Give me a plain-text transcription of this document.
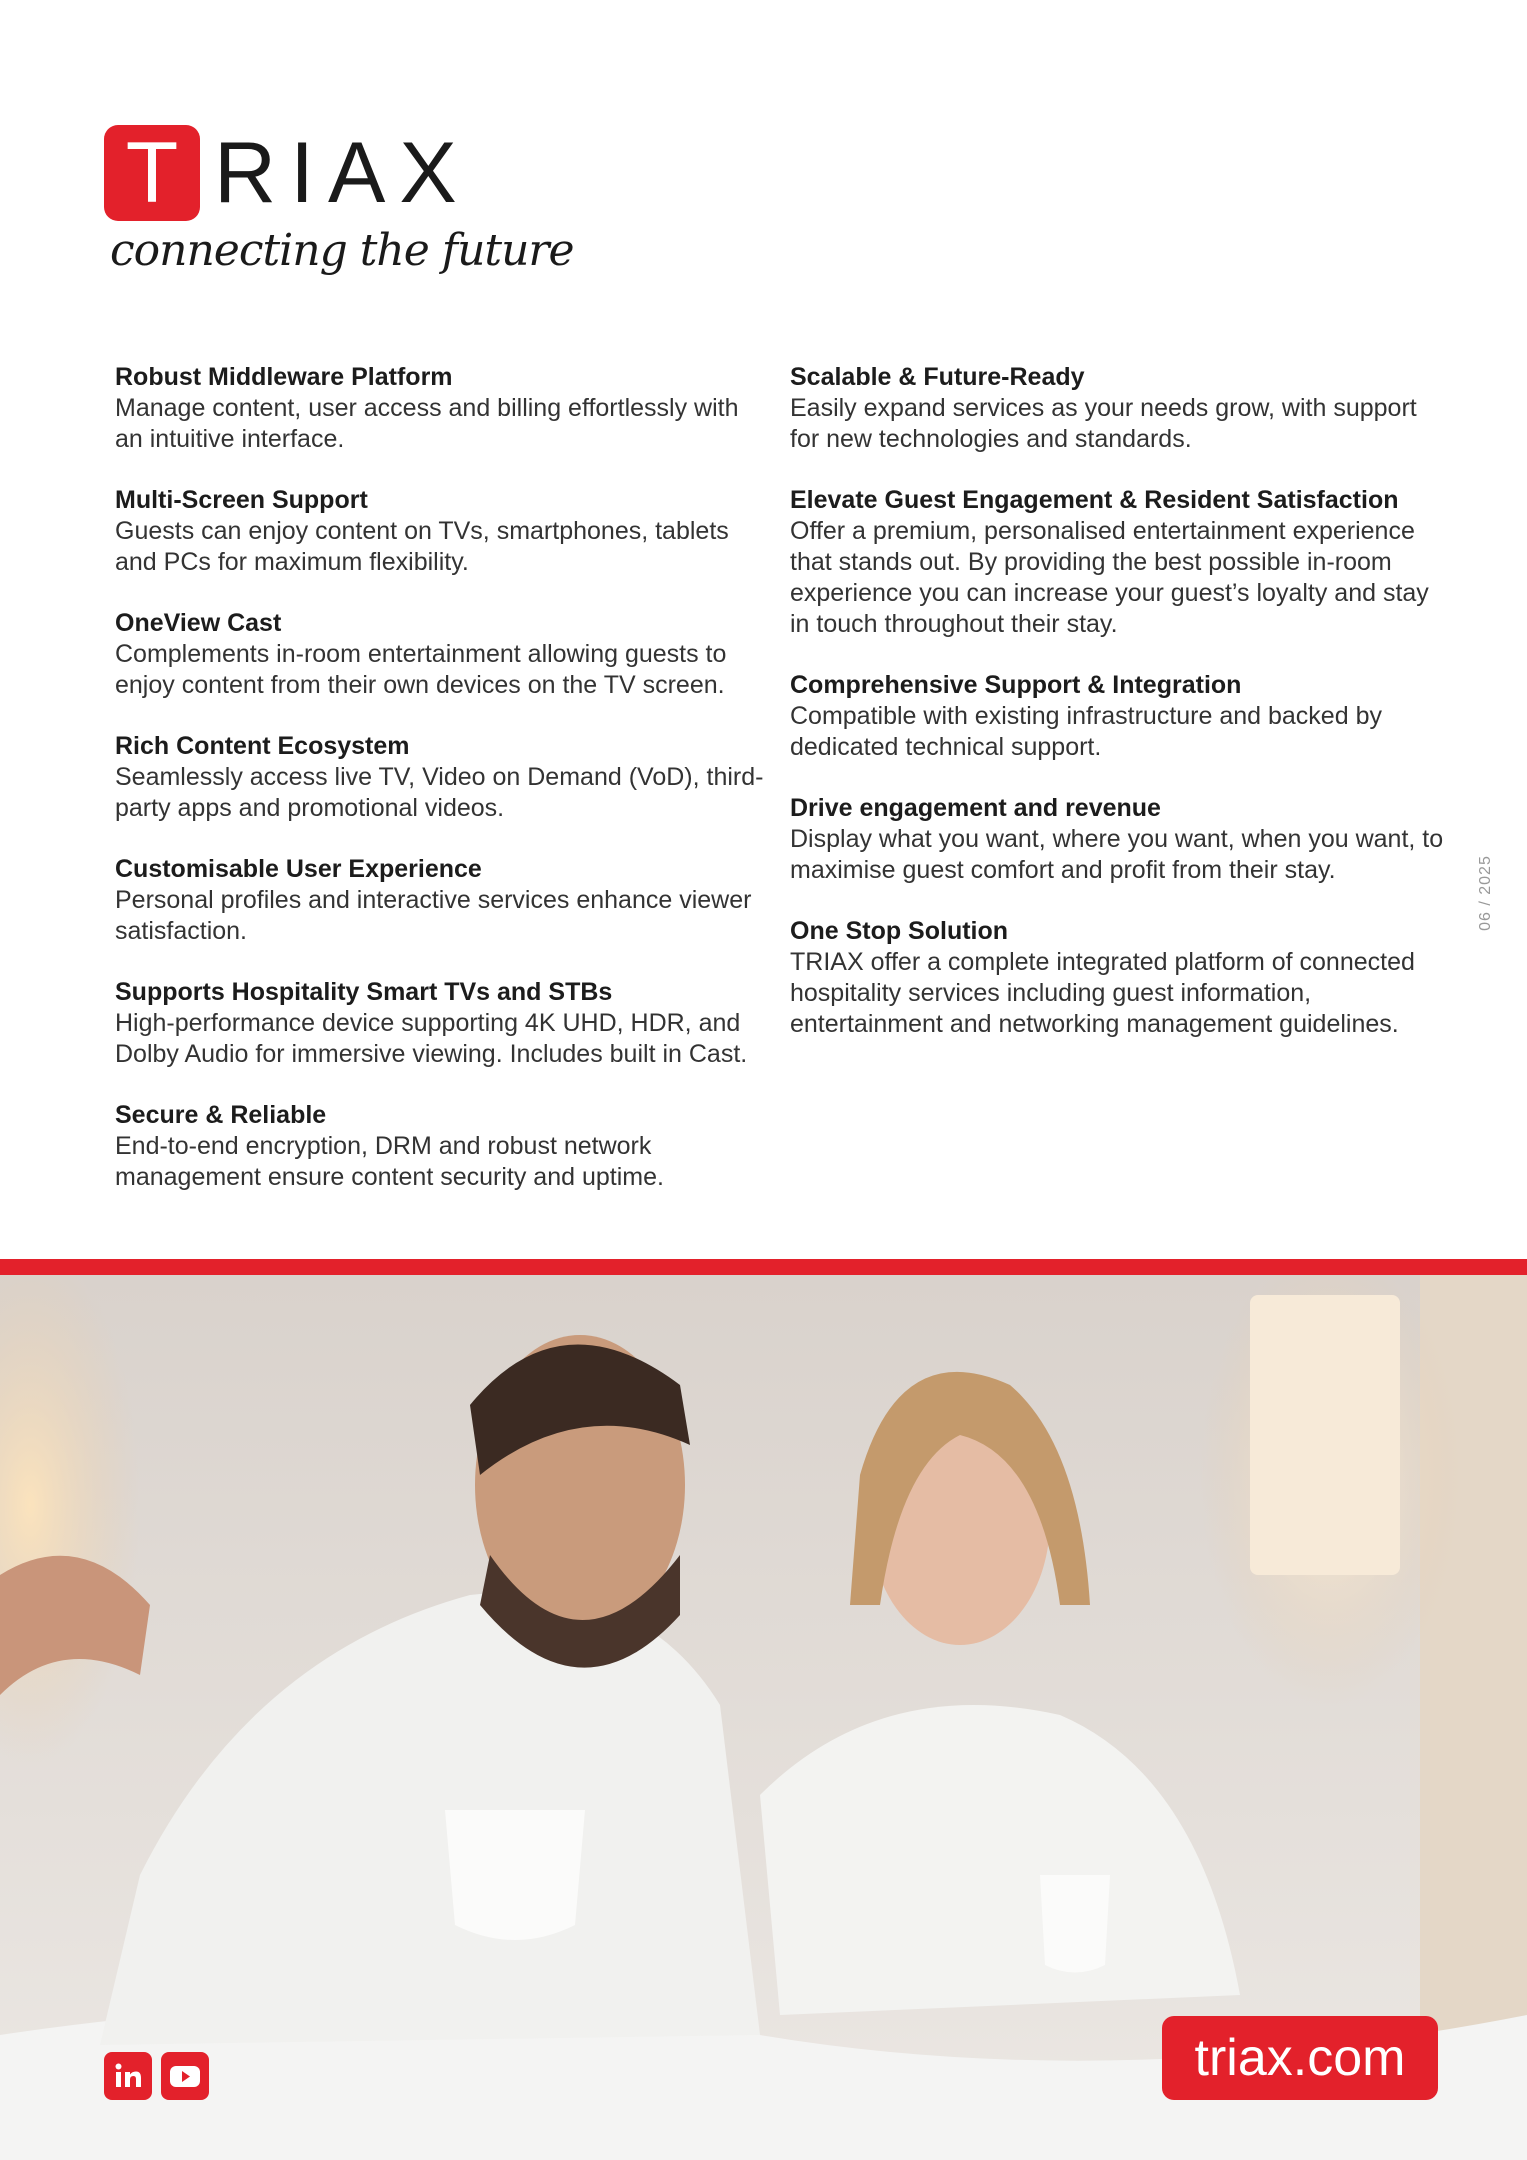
T RIAX
connecting the future
Robust Middleware Platform

Manage content, user access and billing effortlessly with an intuitive interface.

Multi-Screen Support

Guests can enjoy content on TVs, smartphones, tablets and PCs for maximum flexibility.

OneView Cast

Complements in-room entertainment allowing guests to enjoy content from their own devices on the TV screen.

Rich Content Ecosystem

Seamlessly access live TV, Video on Demand (VoD), third-party apps and promotional videos.

Customisable User Experience

Personal profiles and interactive services enhance viewer satisfaction.

Supports Hospitality Smart TVs and STBs

High-performance device supporting 4K UHD, HDR, and Dolby Audio for immersive viewing. Includes built in Cast.

Secure & Reliable

End-to-end encryption, DRM and robust network management ensure content security and uptime.

Scalable & Future-Ready

Easily expand services as your needs grow, with support for new technologies and standards.

Elevate Guest Engagement & Resident Satisfaction

Offer a premium, personalised entertainment experience that stands out. By providing the best possible in-room experience you can increase your guest’s loyalty and stay in touch throughout their stay.

Comprehensive Support & Integration

Compatible with existing infrastructure and backed by dedicated technical support.

Drive engagement and revenue

Display what you want, where you want, when you want, to maximise guest comfort and profit from their stay.

One Stop Solution

TRIAX offer a complete integrated platform of connected hospitality services including guest information, entertainment and networking management guidelines.

06 / 2025
triax.com
